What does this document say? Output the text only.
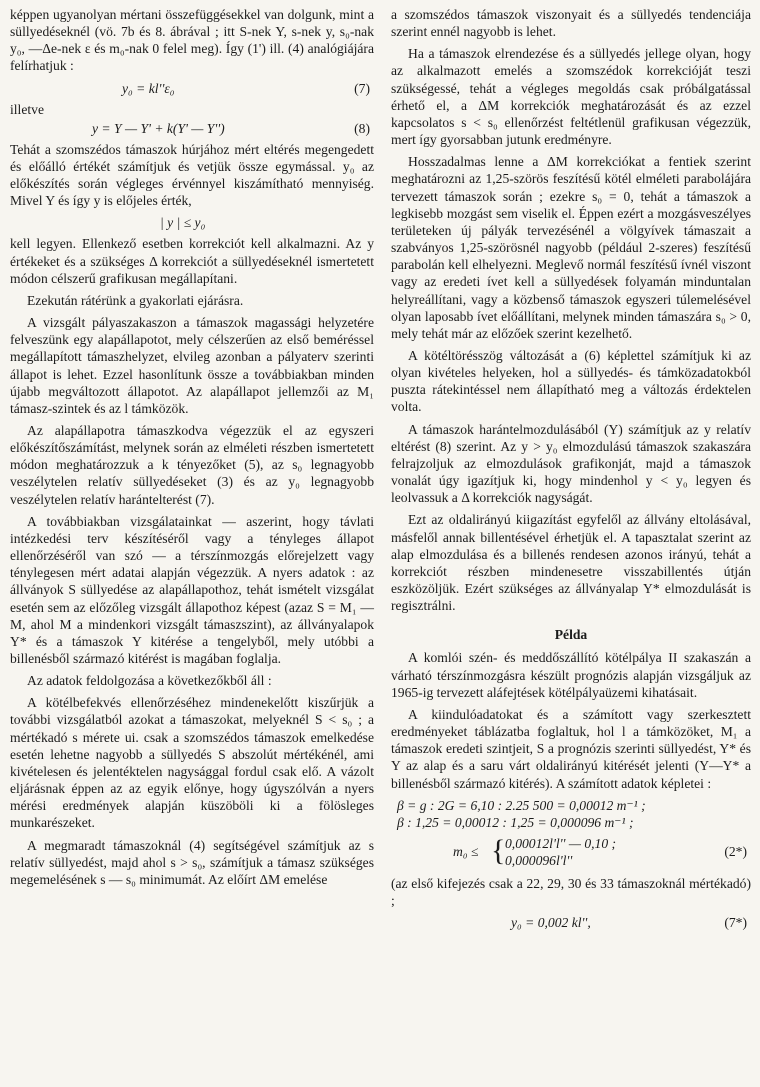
képpen ugyanolyan mértani összefüggésekkel van dolgunk, mint a süllyedéseknél (vö. 7b és 8. ábrával ; itt S-nek Y, s-nek y, s₀-nak y₀, —Δe-nek ε és m₀-nak 0 felel meg). Így (1') ill. (4) analógiájára felírhatjuk :

y₀ = kl''ε₀	(7)

illetve

y = Y — Y' + k(Y' — Y'')	(8)

Tehát a szomszédos támaszok húrjához mért eltérés megengedett és előálló értékét számítjuk és vetjük össze egymással. y₀ az előkészítés során végleges érvénnyel kiszámítható mennyiség. Mivel Y és így y is előjeles érték,

| y | ≤ y₀

kell legyen. Ellenkező esetben korrekciót kell alkalmazni. Az y értékeket és a szükséges Δ korrekciót a süllyedéseknél ismertetett módon célszerű grafikusan megállapítani.

Ezekután rátérünk a gyakorlati ejárásra.

A vizsgált pályaszakaszon a támaszok magassági helyzetére felveszünk egy alapállapotot, mely célszerűen az első beméréssel megállapított támaszhelyzet, elvileg azonban a pályaterv szerinti állapot is lehet. Ezzel hasonlítunk össze a továbbiakban minden újabb megváltozott állapotot. Az alapállapot jellemzői az M₁ támasz-szintek és az l támközök.

Az alapállapotra támaszkodva végezzük el az egyszeri előkészítőszámítást, melynek során az elméleti részben ismertetett módon meghatározzuk a k tényezőket (5), az s₀ legnagyobb veszélytelen relatív süllyedéseket (3) és az y₀ legnagyobb veszélytelen relatív harántelterést (7).

A továbbiakban vizsgálatainkat — aszerint, hogy távlati intézkedési terv készítéséről vagy a tényleges állapot ellenőrzéséről van szó — a térszínmozgás előrejelzett vagy ténylegesen mért adatai alapján végezzük. A nyers adatok : az állványok S süllyedése az alapállapothoz, tehát ismételt vizsgálat esetén sem az előzőleg vizsgált állapothoz képest (azaz S = M₁ — M, ahol M a mindenkori vizsgált támaszszint), az állványalapok Y* és a támaszok Y kitérése a tengelyből, mely utóbbi a billenésből származó kitérést is magában foglalja.

Az adatok feldolgozása a következőkből áll :

A kötélbefekvés ellenőrzéséhez mindenekelőtt kiszűrjük a további vizsgálatból azokat a támaszokat, melyeknél S < s₀ ; a mértékadó s mérete ui. csak a szomszédos támaszok emelkedése esetén lehetne nagyobb a süllyedés S abszolút mértékénél, ami kivételesen és jelentéktelen nagysággal fordul csak elő. A vázolt eljárásnak éppen az az egyik előnye, hogy úgyszólván a nyers mérési eredmények alapján küszöböli ki a fölösleges munkarészeket.

A megmaradt támaszoknál (4) segítségével számítjuk az s relatív süllyedést, majd ahol s > s₀, számítjuk a támasz szükséges megemelésének s — s₀ minimumát. Az előírt ΔM emelése

a szomszédos támaszok viszonyait és a süllyedés tendenciája szerint ennél nagyobb is lehet.

Ha a támaszok elrendezése és a süllyedés jellege olyan, hogy az alkalmazott emelés a szomszédok korrekcióját teszi szükségessé, tehát a végleges megoldás csak próbálgatással érhető el, a ΔM korrekciók meghatározását és az ezzel kapcsolatos s < s₀ ellenőrzést feltétlenül grafikusan végezzük, mert így gyorsabban jutunk eredményre.

Hosszadalmas lenne a ΔM korrekciókat a fentiek szerint meghatározni az 1,25-szörös feszítésű kötél elméleti parabolájára tervezett támaszok során ; ezekre s₀ = 0, tehát a támaszok a legkisebb mozgást sem viselik el. Éppen ezért a mozgásveszélyes területeken új pályák tervezésénél a völgyívek támaszait a szabványos 1,25-szörösnél nagyobb (például 2-szeres) feszítésű parabolán kell elhelyezni. Meglevő normál feszítésű ívnél viszont vagy az eredeti ívet kell a süllyedések folyamán minduntalan helyreállítani, vagy a közbenső támaszok egyszeri túlemelésével olyan laposabb ívet előállítani, melynek minden támaszára s₀ > 0, mely tehát már az előzőek szerint kezelhető.

A kötéltörésszög változását a (6) képlettel számítjuk ki az olyan kivételes helyeken, hol a süllyedés- és támközadatokból puszta rátekintéssel nem állapítható meg a változás érdektelen volta.

A támaszok harántelmozdulásából (Y) számítjuk az y relatív eltérést (8) szerint. Az y > y₀ elmozdulású támaszok szakaszára felrajzoljuk az elmozdulások grafikonját, majd a támaszok vonalát úgy igazítjuk ki, hogy mindenhol y < y₀ legyen és leolvassuk a Δ korrekciók nagyságát.

Ezt az oldalirányú kiigazítást egyfelől az állvány eltolásával, másfelől annak billentésével érhetjük el. A tapasztalat szerint az alap elmozdulása és a billenés rendesen azonos irányú, tehát a korrekciót részben mindenesetre visszabillentés útján eszközöljük. Ezért szükséges az állványalap Y* elmozdulását is regisztrálni.

Példa

A komlói szén- és meddőszállító kötélpálya II szakaszán a várható térszínmozgásra készült prognózis alapján vizsgáljuk az 1965-ig tervezett aláfejtések kötélpályaüzemi kihatásait.

A kiindulóadatokat és a számított vagy szerkesztett eredményeket táblázatba foglaltuk, hol l a támközöket, M₁ a támaszok eredeti szintjeit, S a prognózis szerinti süllyedést, Y* és Y az alap és a saru várt oldalirányú kitérését jelenti (Y—Y* a billenésből származó kitérés). A számított adatok képletei :

β = g : 2G = 6,10 : 2.25 500 = 0,00012 m⁻¹ ;
β : 1,25 = 0,00012 : 1,25 = 0,000096 m⁻¹ ;
m₀ ≤ { 0,00012l'l'' — 0,10 ;
0,000096l'l''
(2*)

(az első kifejezés csak a 22, 29, 30 és 33 támaszoknál mértékadó) ;

y₀ = 0,002 kl'',	(7*)
